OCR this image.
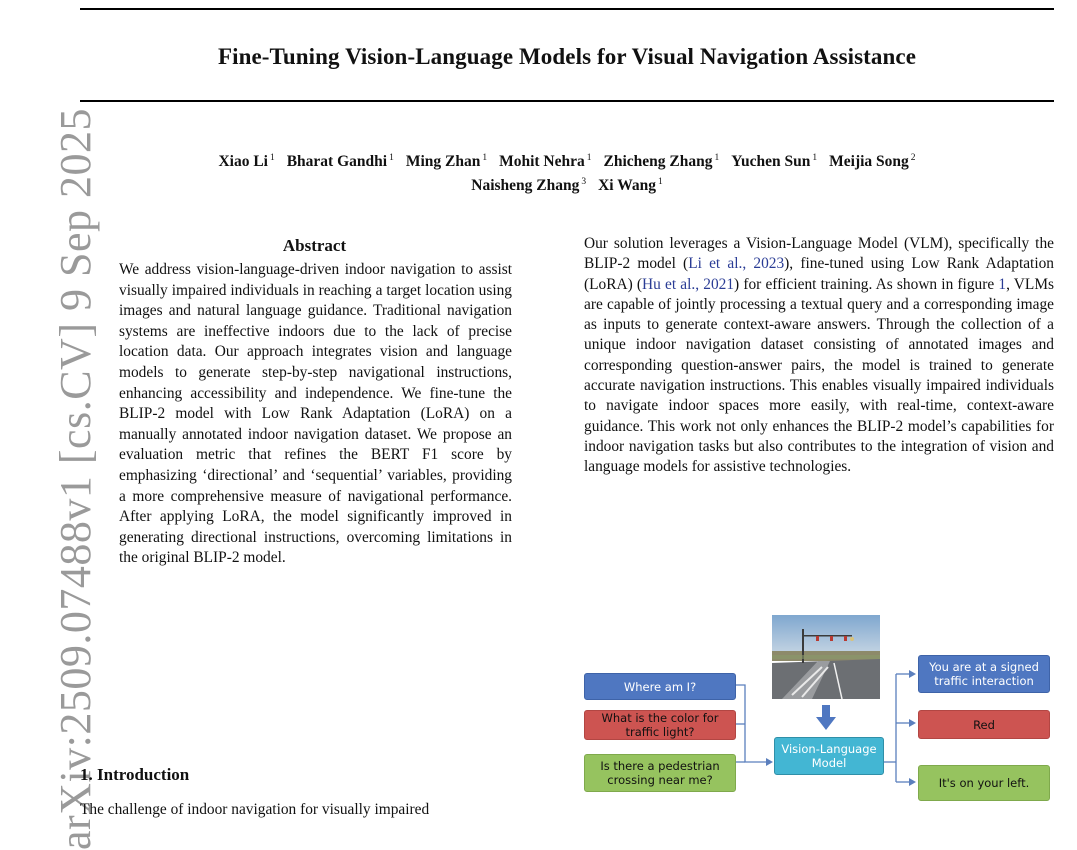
Fine-Tuning Vision-Language Models for Visual Navigation Assistance
Xiao Li $^1$ Bharat Gandhi $^1$ Ming Zhan $^1$ Mohit Nehra $^1$ Zhicheng Zhang $^1$ Yuchen Sun $^1$ Meijia Song $^2$
Naisheng Zhang $^3$ Xi Wang $^1$
arXiv:2509.07488v1 [cs.CV] 9 Sep 2025	Abstract
We address vision-language-driven indoor navigation to assist visually impaired individuals in reaching a target location using images and natural language guidance. Traditional navigation systems are ineffective indoors due to the lack of precise location data. Our approach integrates vision and language models to generate step-by-step navigational instructions, enhancing accessibility and independence. We fine-tune the BLIP-2 model with Low Rank Adaptation (LoRA) on a manually annotated indoor navigation dataset. We propose an evaluation metric that refines the BERT F1 score by emphasizing ‘directional’ and ‘sequential’ variables, providing a more comprehensive measure of navigational performance. After applying LoRA, the model significantly improved in generating directional instructions, overcoming limitations in the original BLIP-2 model.
1. Introduction
The challenge of indoor navigation for visually impaired
Our solution leverages a Vision-Language Model (VLM), specifically the BLIP-2 model (Li et al., 2023), fine-tuned using Low Rank Adaptation (LoRA) (Hu et al., 2021) for efficient training. As shown in figure 1, VLMs are capable of jointly processing a textual query and a corresponding image as inputs to generate context-aware answers. Through the collection of a unique indoor navigation dataset consisting of annotated images and corresponding question-answer pairs, the model is trained to generate accurate navigation instructions. This enables visually impaired individuals to navigate indoor spaces more easily, with real-time, context-aware guidance. This work not only enhances the BLIP-2 model’s capabilities for indoor navigation tasks but also contributes to the integration of vision and language models for assistive technologies.
Where am I?
What is the color for traffic light?
Is there a pedestrian crossing near me?
Vision-Language Model
You are at a signed traffic interaction
Red
It's on your left.
